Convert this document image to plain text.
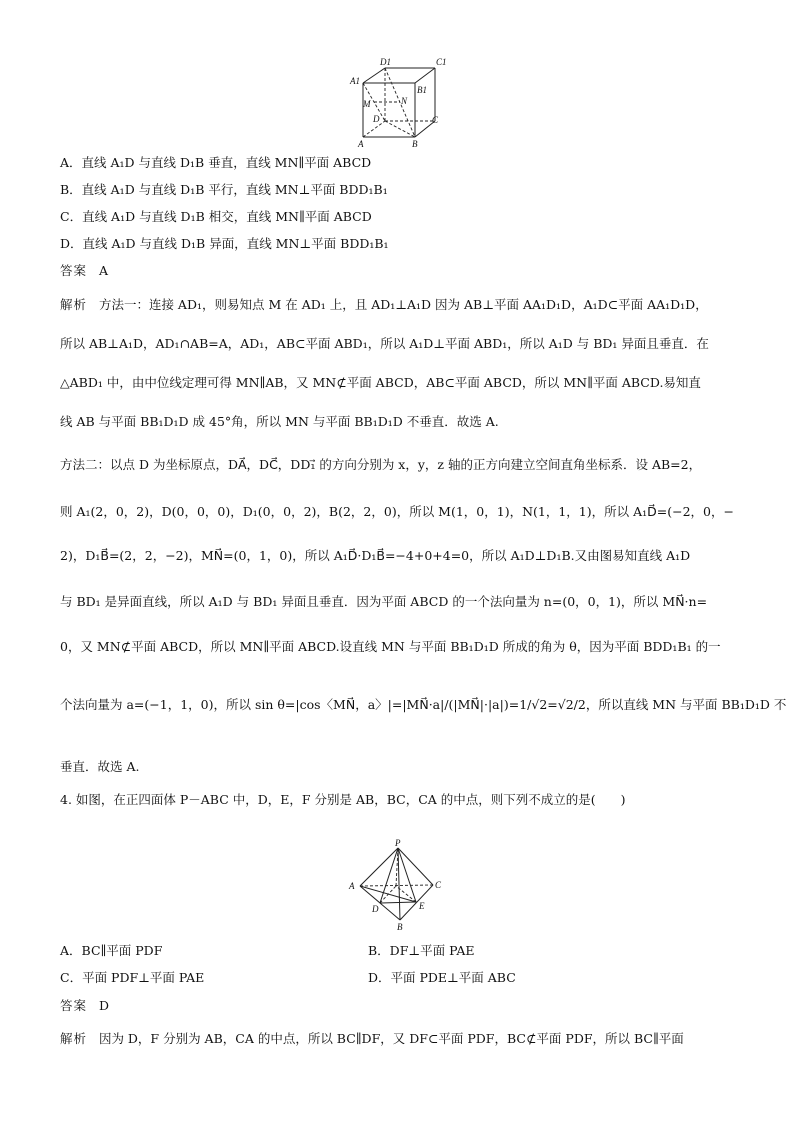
D1	C1
A1
B1
M	N
D	C
A	B
A．直线 A₁D 与直线 D₁B 垂直，直线 MN∥平面 ABCD
B．直线 A₁D 与直线 D₁B 平行，直线 MN⊥平面 BDD₁B₁
C．直线 A₁D 与直线 D₁B 相交，直线 MN∥平面 ABCD
D．直线 A₁D 与直线 D₁B 异面，直线 MN⊥平面 BDD₁B₁
答案 A
解析 方法一：连接 AD₁，则易知点 M 在 AD₁ 上，且 AD₁⊥A₁D 因为 AB⊥平面 AA₁D₁D，A₁D⊂平面 AA₁D₁D，
所以 AB⊥A₁D，AD₁∩AB=A，AD₁，AB⊂平面 ABD₁，所以 A₁D⊥平面 ABD₁，所以 A₁D 与 BD₁ 异面且垂直．在
△ABD₁ 中，由中位线定理可得 MN∥AB，又 MN⊄平面 ABCD，AB⊂平面 ABCD，所以 MN∥平面 ABCD.易知直
线 AB 与平面 BB₁D₁D 成 45°角，所以 MN 与平面 BB₁D₁D 不垂直．故选 A.
方法二：以点 D 为坐标原点，DA⃗，DC⃗，DD₁⃗ 的方向分别为 x，y，z 轴的正方向建立空间直角坐标系．设 AB=2，
则 A₁(2，0，2)，D(0，0，0)，D₁(0，0，2)，B(2，2，0)，所以 M(1，0，1)，N(1，1，1)，所以 A₁D⃗=(−2，0，−
2)，D₁B⃗=(2，2，−2)，MN⃗=(0，1，0)，所以 A₁D⃗·D₁B⃗=−4+0+4=0，所以 A₁D⊥D₁B.又由图易知直线 A₁D
与 BD₁ 是异面直线，所以 A₁D 与 BD₁ 异面且垂直．因为平面 ABCD 的一个法向量为 n=(0，0，1)，所以 MN⃗·n=
0，又 MN⊄平面 ABCD，所以 MN∥平面 ABCD.设直线 MN 与平面 BB₁D₁D 所成的角为 θ，因为平面 BDD₁B₁ 的一
个法向量为 a=(−1，1，0)，所以 sin θ=|cos〈MN⃗，a〉|=|MN⃗·a|/(|MN⃗|·|a|)=1/√2=√2/2，所以直线 MN 与平面 BB₁D₁D 不
垂直．故选 A.
4. 如图，在正四面体 P－ABC 中，D，E，F 分别是 AB，BC，CA 的中点，则下列不成立的是(　　)
P
A	C
D	E
B
A．BC∥平面 PDF	B．DF⊥平面 PAE
C．平面 PDF⊥平面 PAE	D．平面 PDE⊥平面 ABC
答案 D
解析 因为 D，F 分别为 AB，CA 的中点，所以 BC∥DF，又 DF⊂平面 PDF，BC⊄平面 PDF，所以 BC∥平面
